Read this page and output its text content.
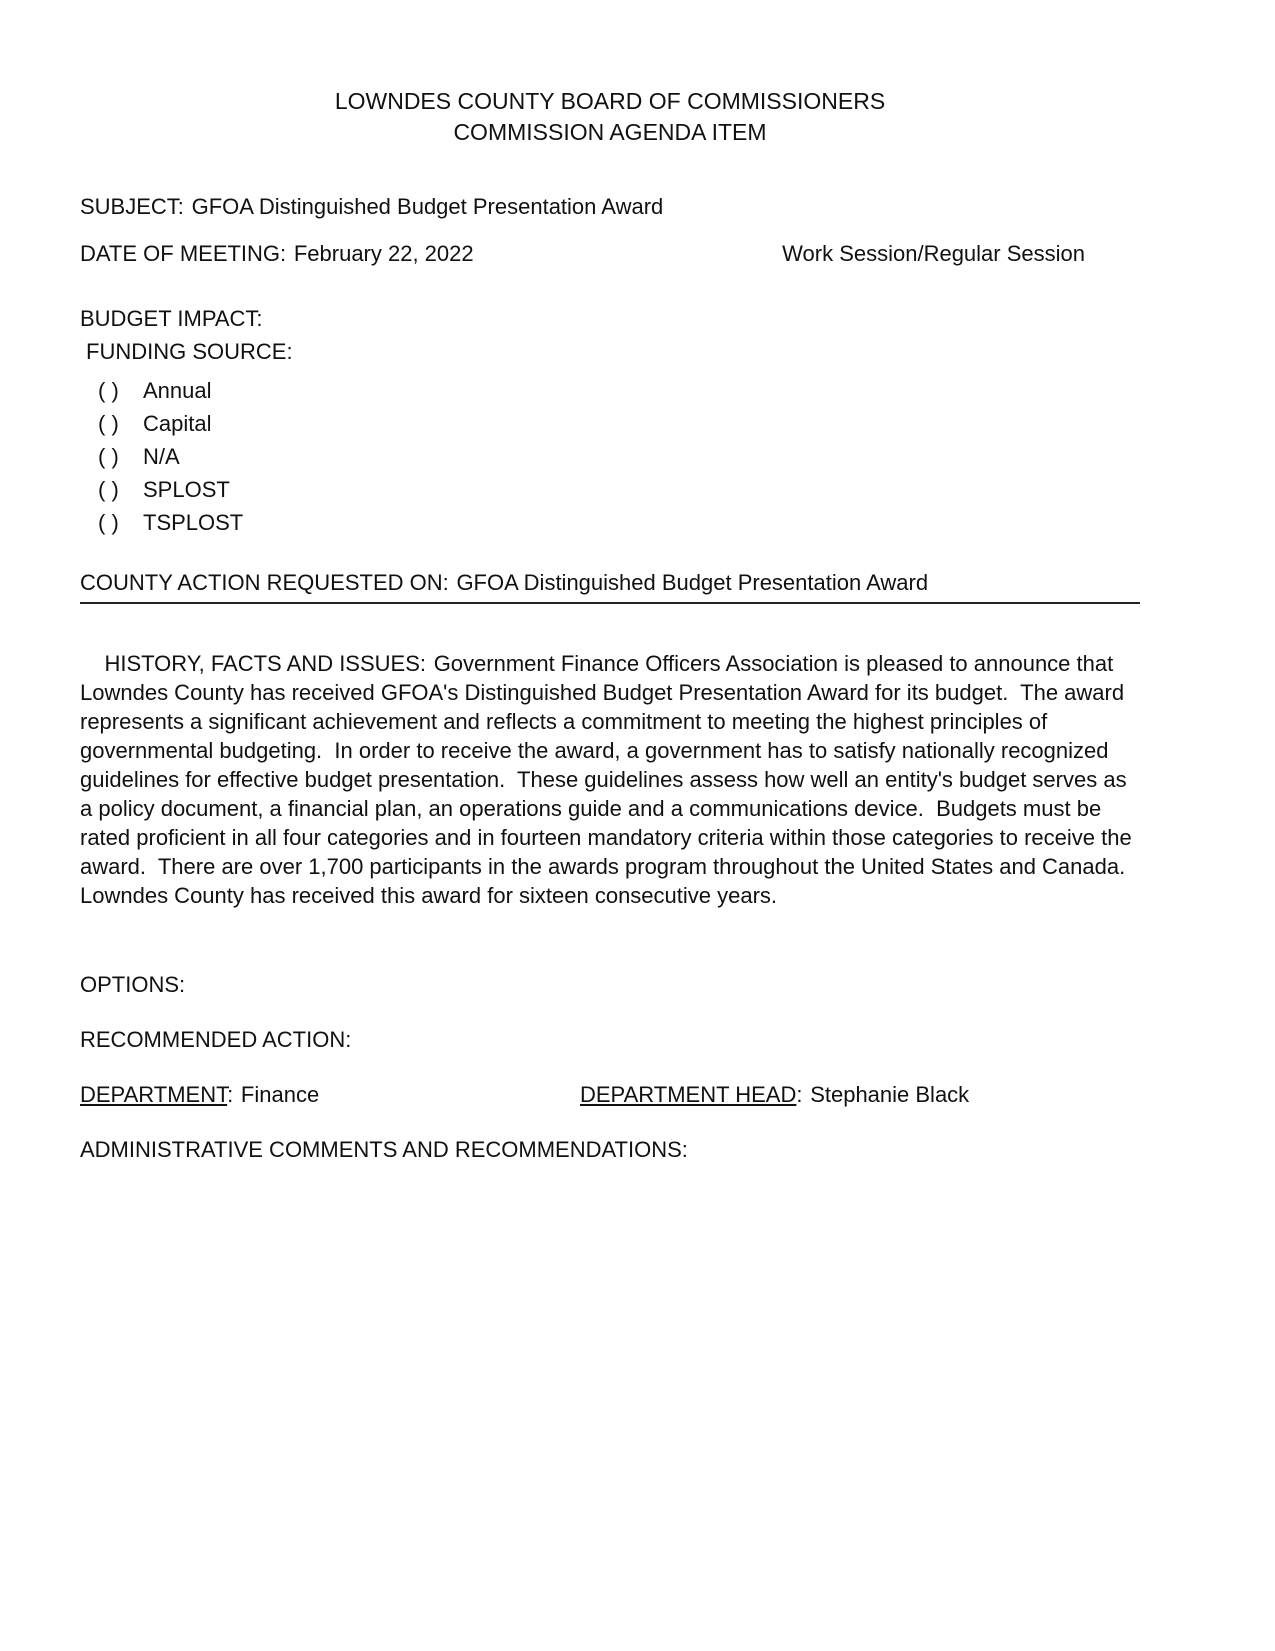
LOWNDES COUNTY BOARD OF COMMISSIONERS
COMMISSION AGENDA ITEM
SUBJECT: GFOA Distinguished Budget Presentation Award
DATE OF MEETING: February 22, 2022	Work Session/Regular Session
BUDGET IMPACT:
FUNDING SOURCE:
( ) Annual
( ) Capital
( ) N/A
( ) SPLOST
( ) TSPLOST
COUNTY ACTION REQUESTED ON: GFOA Distinguished Budget Presentation Award

HISTORY, FACTS AND ISSUES: Government Finance Officers Association is pleased to announce that Lowndes County has received GFOA's Distinguished Budget Presentation Award for its budget.  The award represents a significant achievement and reflects a commitment to meeting the highest principles of governmental budgeting.  In order to receive the award, a government has to satisfy nationally recognized guidelines for effective budget presentation.  These guidelines assess how well an entity's budget serves as a policy document, a financial plan, an operations guide and a communications device.  Budgets must be rated proficient in all four categories and in fourteen mandatory criteria within those categories to receive the award.  There are over 1,700 participants in the awards program throughout the United States and Canada.  Lowndes County has received this award for sixteen consecutive years.

OPTIONS:
RECOMMENDED ACTION:
DEPARTMENT: Finance	DEPARTMENT HEAD: Stephanie Black
ADMINISTRATIVE COMMENTS AND RECOMMENDATIONS:
